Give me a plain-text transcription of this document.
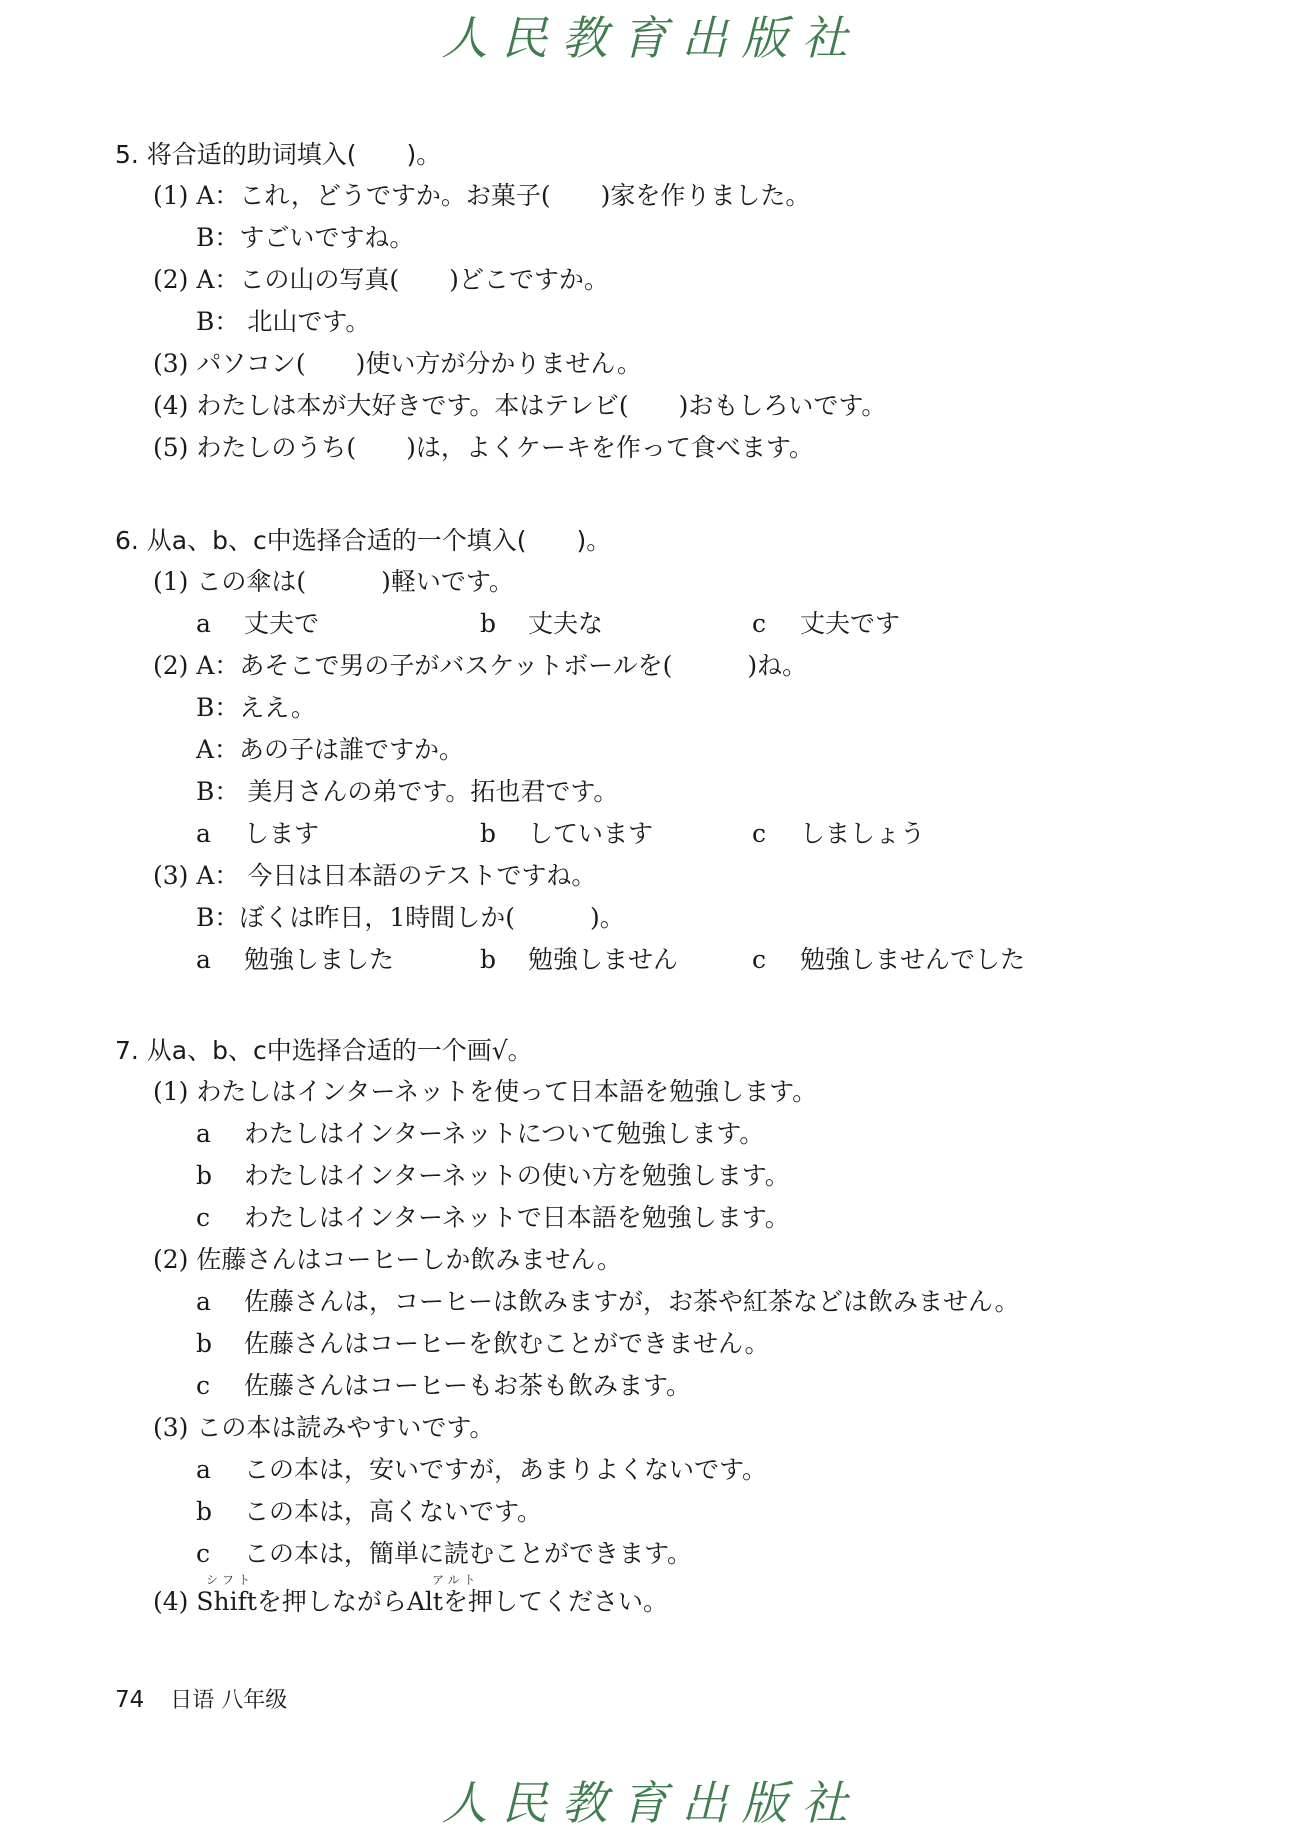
人民教育出版社
5. 将合适的助词填入(　　)。
(1) A：これ，どうですか。お菓子(　　)家を作りました。
B：すごいですね。
(2) A：この山の写真(　　)どこですか。
B： 北山です。
(3) パソコン(　　)使い方が分かりません。
(4) わたしは本が大好きです。本はテレビ(　　)おもしろいです。
(5) わたしのうち(　　)は，よくケーキを作って食べます。
6. 从a、b、c中选择合适的一个填入(　　)。
(1) この傘は(　　　)軽いです。
a 丈夫で	b 丈夫な	c 丈夫です
(2) A：あそこで男の子がバスケットボールを(　　　)ね。
B：ええ。
A：あの子は誰ですか。
B： 美月さんの弟です。拓也君です。
a します	b しています	c しましょう
(3) A： 今日は日本語のテストですね。
B：ぼくは昨日，1時間しか(　　　)。
a 勉強しました	b 勉強しません	c 勉強しませんでした
7. 从a、b、c中选择合适的一个画√。
(1) わたしはインターネットを使って日本語を勉強します。
a わたしはインターネットについて勉強します。
b わたしはインターネットの使い方を勉強します。
c わたしはインターネットで日本語を勉強します。
(2) 佐藤さんはコーヒーしか飲みません。
a 佐藤さんは，コーヒーは飲みますが，お茶や紅茶などは飲みません。
b 佐藤さんはコーヒーを飲むことができません。
c 佐藤さんはコーヒーもお茶も飲みます。
(3) この本は読みやすいです。
a この本は，安いですが，あまりよくないです。
b この本は，高くないです。
c この本は，簡単に読むことができます。
シフト	アルト
(4) Shiftを押しながらAltを押してください。
74 日语 八年级
人民教育出版社
